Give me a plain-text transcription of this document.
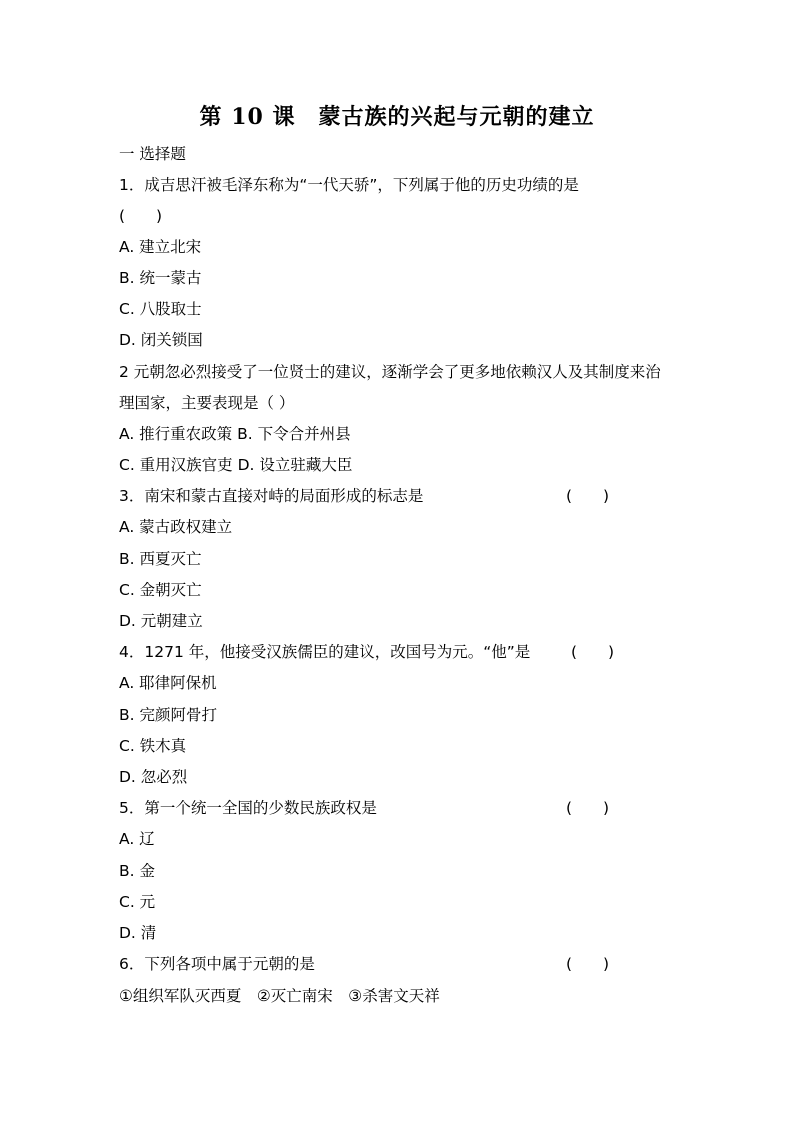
第 10 课　蒙古族的兴起与元朝的建立
一 选择题
1．成吉思汗被毛泽东称为“一代天骄”，下列属于他的历史功绩的是
(　　)
A. 建立北宋
B. 统一蒙古
C. 八股取士
D. 闭关锁国
2 元朝忽必烈接受了一位贤士的建议，逐渐学会了更多地依赖汉人及其制度来治
理国家，主要表现是（ ）
A. 推行重农政策 B. 下令合并州县
C. 重用汉族官吏 D. 设立驻藏大臣
3．南宋和蒙古直接对峙的局面形成的标志是	(　　)
A. 蒙古政权建立
B. 西夏灭亡
C. 金朝灭亡
D. 元朝建立
4．1271 年，他接受汉族儒臣的建议，改国号为元。“他”是	(　　)
A. 耶律阿保机
B. 完颜阿骨打
C. 铁木真
D. 忽必烈
5．第一个统一全国的少数民族政权是	(　　)
A. 辽
B. 金
C. 元
D. 清
6．下列各项中属于元朝的是	(　　)
①组织军队灭西夏　②灭亡南宋　③杀害文天祥
